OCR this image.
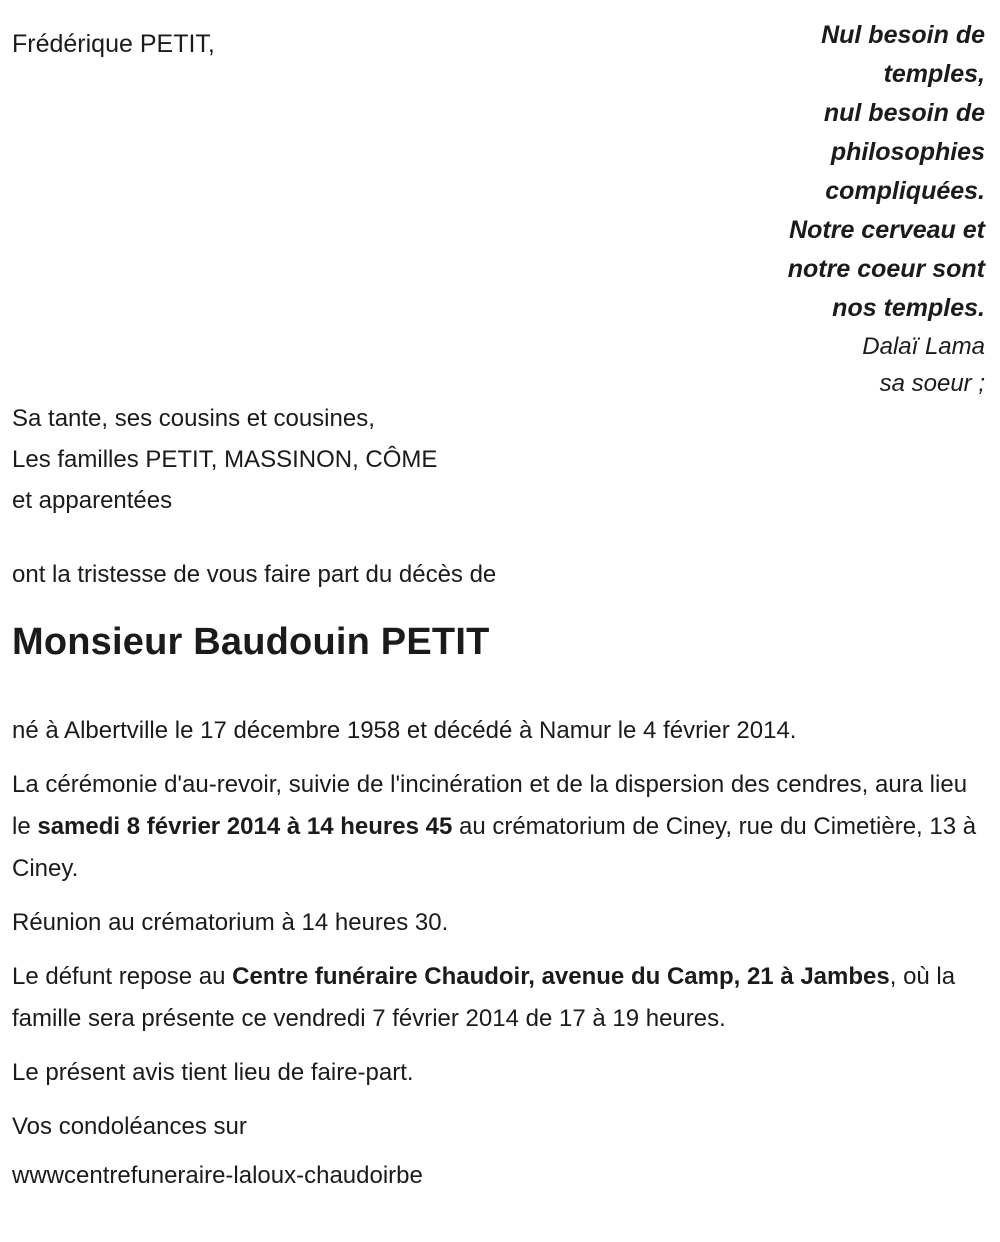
Frédérique PETIT,	Nul besoin de
temples,
nul besoin de
philosophies
compliquées.
Notre cerveau et
notre coeur sont
nos temples.
Dalaï Lama
sa soeur ;
Sa tante, ses cousins et cousines,
Les familles PETIT, MASSINON, CÔME
et apparentées
ont la tristesse de vous faire part du décès de
Monsieur Baudouin PETIT

né à Albertville le 17 décembre 1958 et décédé à Namur le 4 février 2014.

La cérémonie d'au-revoir, suivie de l'incinération et de la dispersion des cendres, aura lieu le samedi 8 février 2014 à 14 heures 45 au crématorium de Ciney, rue du Cimetière, 13 à Ciney.

Réunion au crématorium à 14 heures 30.

Le défunt repose au Centre funéraire Chaudoir, avenue du Camp, 21 à Jambes, où la famille sera présente ce vendredi 7 février 2014 de 17 à 19 heures.

Le présent avis tient lieu de faire-part.

Vos condoléances sur

wwwcentrefuneraire-laloux-chaudoirbe
